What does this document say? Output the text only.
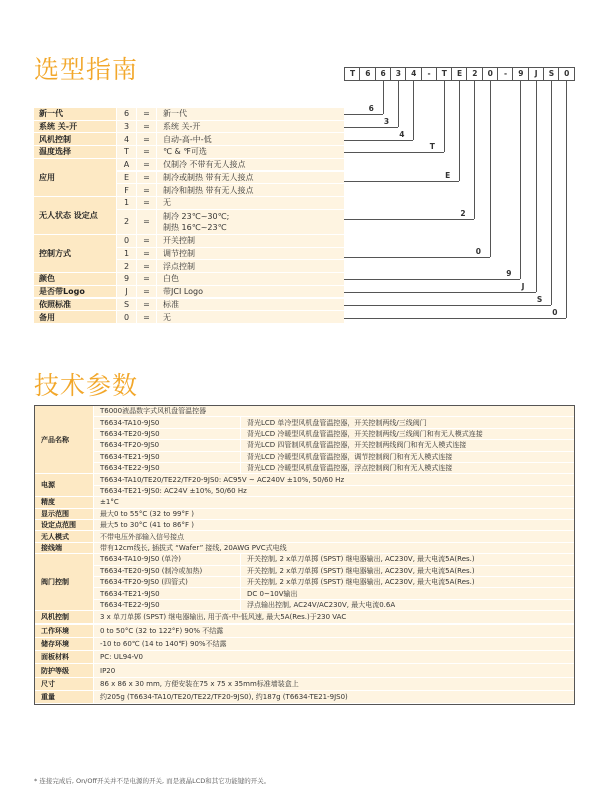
选型指南
技术参数
T	6	6	3	4	-	T	E	2	0	-	9	J	S	0
新一代	6	=	新一代
6
系统 关-开	3	=	系统 关-开
3
风机控制	4	=	自动-高-中-低
4
温度选择	T	=	℃ & ℉可选
T
应用
A	=	仅制冷 不带有无人接点
E	=	制冷或制热 带有无人接点
F	=	制冷和制热 带有无人接点
E
无人状态 设定点
1	=	无
2	=
制冷 23℃~30℃;
制热 16℃~23℃
2
控制方式
0	=	开关控制
1	=	调节控制
2	=	浮点控制
0
颜色	9	=	白色
9
是否带Logo	J	=	带JCI Logo
J
依照标准	S	=	标准
S
备用	0	=	无
0
产品名称
T6000液晶数字式风机盘管温控器
T6634-TA10-9JS0	背光LCD 单冷型风机盘管温控器，开关控制两线/三线阀门
T6634-TE20-9JS0	背光LCD 冷暖型风机盘管温控器，开关控制两线/三线阀门和有无人模式连接
T6634-TF20-9JS0	背光LCD 四管制风机盘管温控器，开关控制两线阀门和有无人模式连接
T6634-TE21-9JS0	背光LCD 冷暖型风机盘管温控器，调节控制阀门和有无人模式连接
T6634-TE22-9JS0	背光LCD 冷暖型风机盘管温控器，浮点控制阀门和有无人模式连接
电源
T6634-TA10/TE20/TE22/TF20-9JS0: AC95V ~ AC240V ±10%, 50/60 Hz
T6634-TE21-9JS0: AC24V ±10%, 50/60 Hz
精度	±1°C
显示范围	最大0 to 55°C (32 to 99°F )
设定点范围	最大5 to 30°C (41 to 86°F )
无人模式	不带电压外部输入信号接点
接线端	带有12cm线长, 插拔式 “Wafer” 接线, 20AWG PVC式电线
阀门控制
T6634-TA10-9JS0 (单冷)	开关控制, 2 x单刀单掷 (SPST) 继电器输出, AC230V, 最大电流5A(Res.)
T6634-TE20-9JS0 (制冷或加热)	开关控制, 2 x单刀单掷 (SPST) 继电器输出, AC230V, 最大电流5A(Res.)
T6634-TF20-9JS0 (四管式)	开关控制, 2 x单刀单掷 (SPST) 继电器输出, AC230V, 最大电流5A(Res.)
T6634-TE21-9JS0	DC 0~10V输出
T6634-TE22-9JS0	浮点输出控制, AC24V/AC230V, 最大电流0.6A
风机控制	3 x 单刀单掷 (SPST) 继电器输出, 用于高-中-低风速, 最大5A(Res.)于230 VAC
工作环境	0 to 50°C (32 to 122°F) 90% 不结露
储存环境	-10 to 60℃ (14 to 140℉) 90%不结露
面板材料	PC: UL94-V0
防护等级	IP20
尺寸	86 x 86 x 30 mm, 方便安装在75 x 75 x 35mm标准墙装盒上
重量	约205g (T6634-TA10/TE20/TE22/TF20-9JS0), 约187g (T6634-TE21-9JS0)
* 连接完成后, On/Off开关并不是电源的开关, 而是液晶LCD和其它功能键的开关。
